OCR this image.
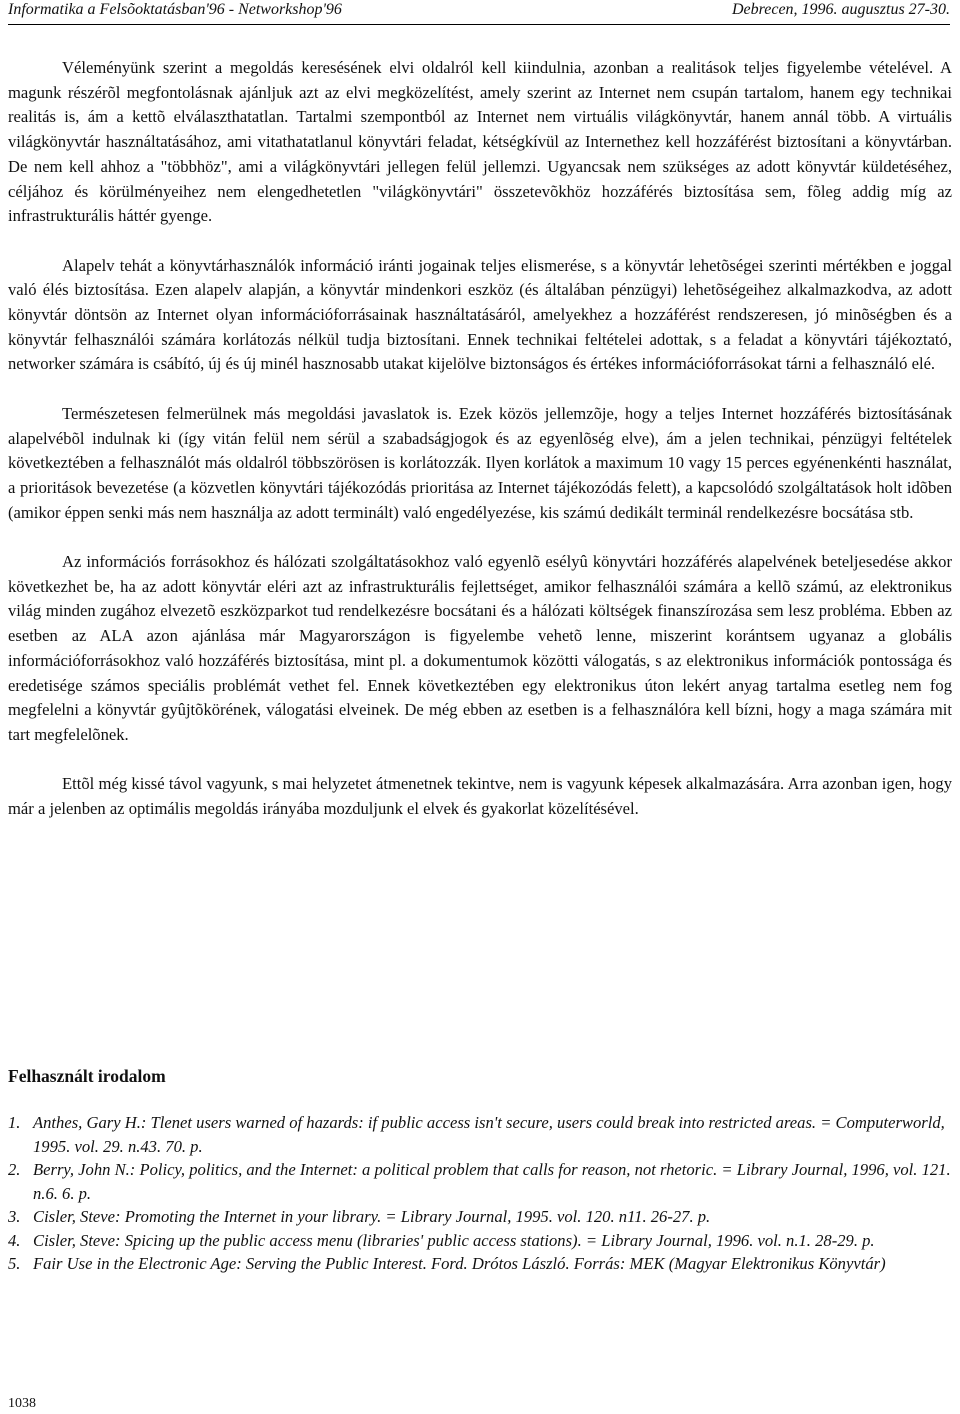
Informatika a Felsõoktatásban'96 - Networkshop'96	Debrecen, 1996. augusztus 27-30.

Véleményünk szerint a megoldás keresésének elvi oldalról kell kiindulnia, azonban a realitások teljes figyelembe vételével. A magunk részérõl megfontolásnak ajánljuk azt az elvi megközelítést, amely szerint az Internet nem csupán tartalom, hanem egy technikai realitás is, ám a kettõ elválaszthatatlan. Tartalmi szempontból az Internet nem virtuális világkönyvtár, hanem annál több. A virtuális világkönyvtár használtatásához, ami vitathatatlanul könyvtári feladat, kétségkívül az Internethez kell hozzáférést biztosítani a könyvtárban. De nem kell ahhoz a "többhöz", ami a világkönyvtári jellegen felül jellemzi. Ugyancsak nem szükséges az adott könyvtár küldetéséhez, céljához és körülményeihez nem elengedhetetlen "világkönyvtári" összetevõkhöz hozzáférés biztosítása sem, fõleg addig míg az infrastrukturális háttér gyenge.

Alapelv tehát a könyvtárhasználók információ iránti jogainak teljes elismerése, s a könyvtár lehetõségei szerinti mértékben e joggal való élés biztosítása. Ezen alapelv alapján, a könyvtár mindenkori eszköz (és általában pénzügyi) lehetõségeihez alkalmazkodva, az adott könyvtár döntsön az Internet olyan információforrásainak használtatásáról, amelyekhez a hozzáférést rendszeresen, jó minõségben és a könyvtár felhasználói számára korlátozás nélkül tudja biztosítani. Ennek technikai feltételei adottak, s a feladat a könyvtári tájékoztató, networker számára is csábító, új és új minél hasznosabb utakat kijelölve biztonságos és értékes információforrásokat tárni a felhasználó elé.

Természetesen felmerülnek más megoldási javaslatok is. Ezek közös jellemzõje, hogy a teljes Internet hozzáférés biztosításának alapelvébõl indulnak ki (így vitán felül nem sérül a szabadságjogok és az egyenlõség elve), ám a jelen technikai, pénzügyi feltételek következtében a felhasználót más oldalról többszörösen is korlátozzák. Ilyen korlátok a maximum 10 vagy 15 perces egyénenkénti használat, a prioritások bevezetése (a közvetlen könyvtári tájékozódás prioritása az Internet tájékozódás felett), a kapcsolódó szolgáltatások holt idõben (amikor éppen senki más nem használja az adott terminált) való engedélyezése, kis számú dedikált terminál rendelkezésre bocsátása stb.

Az információs forrásokhoz és hálózati szolgáltatásokhoz való egyenlõ esélyû könyvtári hozzáférés alapelvének beteljesedése akkor következhet be, ha az adott könyvtár eléri azt az infrastrukturális fejlettséget, amikor felhasználói számára a kellõ számú, az elektronikus világ minden zugához elvezetõ eszközparkot tud rendelkezésre bocsátani és a hálózati költségek finanszírozása sem lesz probléma. Ebben az esetben az ALA azon ajánlása már Magyarországon is figyelembe vehetõ lenne, miszerint korántsem ugyanaz a globális információforrásokhoz való hozzáférés biztosítása, mint pl. a dokumentumok közötti válogatás, s az elektronikus információk pontossága és eredetisége számos speciális problémát vethet fel. Ennek következtében egy elektronikus úton lekért anyag tartalma esetleg nem fog megfelelni a könyvtár gyûjtõkörének, válogatási elveinek. De még ebben az esetben is a felhasználóra kell bízni, hogy a maga számára mit tart megfelelõnek.

Ettõl még kissé távol vagyunk, s mai helyzetet átmenetnek tekintve, nem is vagyunk képesek alkalmazására. Arra azonban igen, hogy már a jelenben az optimális megoldás irányába mozduljunk el elvek és gyakorlat közelítésével.

Felhasznált irodalom
1. Anthes, Gary H.: Tlenet users warned of hazards: if public access isn't secure, users could break into restricted areas. = Computerworld, 1995. vol. 29. n.43. 70. p.
2. Berry, John N.: Policy, politics, and the Internet: a political problem that calls for reason, not rhetoric. = Library Journal, 1996, vol. 121. n.6. 6. p.
3. Cisler, Steve: Promoting the Internet in your library. = Library Journal, 1995. vol. 120. n11. 26-27. p.
4. Cisler, Steve: Spicing up the public access menu (libraries' public access stations). = Library Journal, 1996. vol. n.1. 28-29. p.
5. Fair Use in the Electronic Age: Serving the Public Interest. Ford. Drótos László. Forrás: MEK (Magyar Elektronikus Könyvtár)
1038
